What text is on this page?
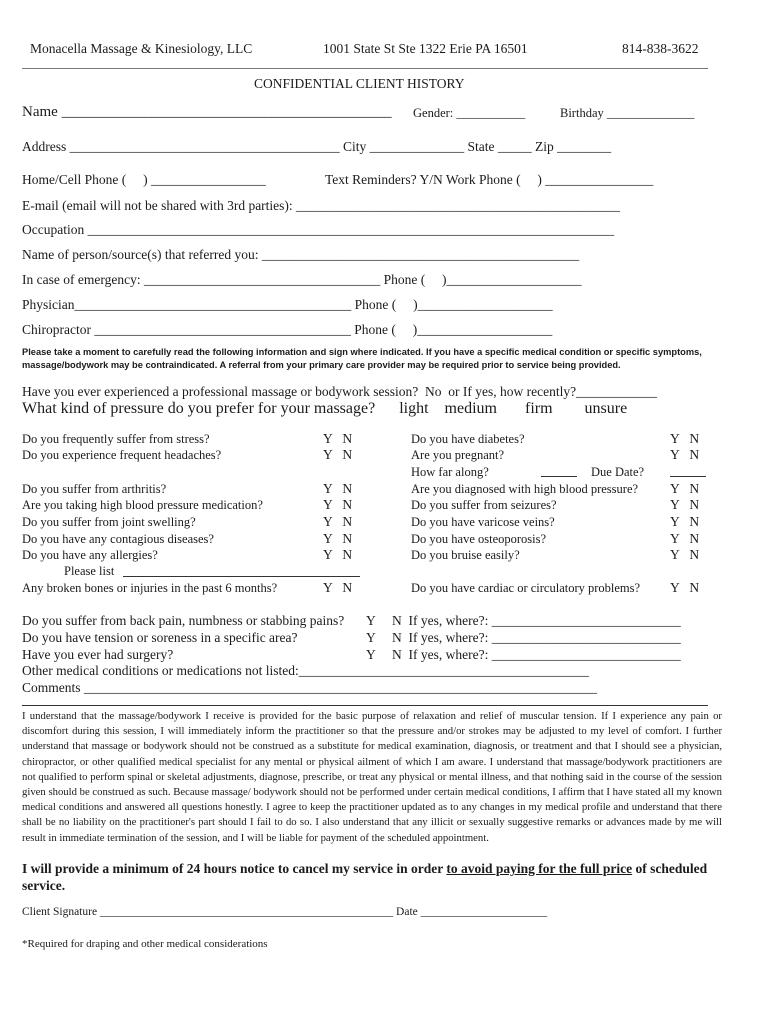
Monacella Massage & Kinesiology, LLC	1001 State St Ste 1322 Erie PA 16501	814-838-3622
CONFIDENTIAL CLIENT HISTORY
Name ____________________________________________ Gender: ___________	Birthday ______________
Address ________________________________________ City ______________ State _____ Zip ________
Home/Cell Phone (     ) _________________	Text Reminders? Y/N Work Phone (     ) ________________
E-mail (email will not be shared with 3rd parties): ________________________________________________
Occupation ______________________________________________________________________________
Name of person/source(s) that referred you: _______________________________________________
In case of emergency: ___________________________________ Phone (     )____________________
Physician_________________________________________ Phone (     )____________________
Chiropractor ______________________________________ Phone (     )____________________
Please take a moment to carefully read the following information and sign where indicated. If you have a specific medical condition or specific symptoms, massage/bodywork may be contraindicated. A referral from your primary care provider may be required prior to service being provided.
Have you ever experienced a professional massage or bodywork session?  No  or If yes, how recently?____________
What kind of pressure do you prefer for your massage?      light    medium       firm        unsure
Do you frequently suffer from stress?	Y   N
Do you experience frequent headaches?	Y   N
Do you suffer from arthritis?	Y   N
Are you taking high blood pressure medication?	Y   N
Do you suffer from joint swelling?	Y   N
Do you have any contagious diseases?	Y   N
Do you have any allergies?	Y   N
Please list
Any broken bones or injuries in the past 6 months?	Y   N
Do you have diabetes?	Y   N
Are you pregnant?	Y   N
How far along?	Due Date?
Are you diagnosed with high blood pressure? Y   N
Do you suffer from seizures?	Y   N
Do you have varicose veins?	Y   N
Do you have osteoporosis?	Y   N
Do you bruise easily?	Y   N
Do you have cardiac or circulatory problems? Y   N
Do you suffer from back pain, numbness or stabbing pains? Y N  If yes, where?: ____________________________
Do you have tension or soreness in a specific area?	Y N  If yes, where?: ____________________________
Have you ever had surgery?	Y N  If yes, where?: ____________________________
Other medical conditions or medications not listed:___________________________________________
Comments ____________________________________________________________________________
I understand that the massage/bodywork I receive is provided for the basic purpose of relaxation and relief of muscular tension. If I experience any pain or discomfort during this session, I will immediately inform the practitioner so that the pressure and/or strokes may be adjusted to my level of comfort. I further understand that massage or bodywork should not be construed as a substitute for medical examination, diagnosis, or treatment and that I should see a physician, chiropractor, or other qualified medical specialist for any mental or physical ailment of which I am aware. I understand that massage/bodywork practitioners are not qualified to perform spinal or skeletal adjustments, diagnose, prescribe, or treat any physical or mental illness, and that nothing said in the course of the session given should be construed as such. Because massage/ bodywork should not be performed under certain medical conditions, I affirm that I have stated all my known medical conditions and answered all questions honestly. I agree to keep the practitioner updated as to any changes in my medical profile and understand that there shall be no liability on the practitioner's part should I fail to do so. I also understand that any illicit or sexually suggestive remarks or advances made by me will result in immediate termination of the session, and I will be liable for payment of the scheduled appointment.
I will provide a minimum of 24 hours notice to cancel my service in order to avoid paying for the full price of scheduled service.
Client Signature ___________________________________________________ Date ______________________
*Required for draping and other medical considerations
